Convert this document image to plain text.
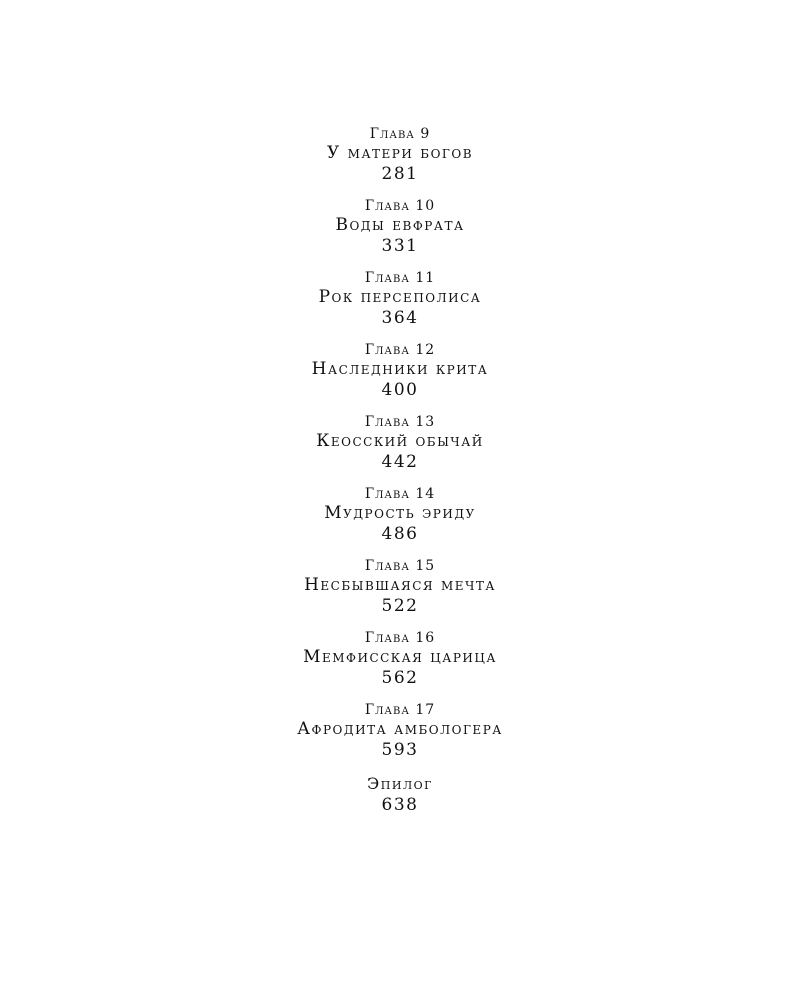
Глава 9
У матери богов
281
Глава 10
Воды евфрата
331
Глава 11
Рок персеполиса
364
Глава 12
Наследники крита
400
Глава 13
Кеосский обычай
442
Глава 14
Мудрость эриду
486
Глава 15
Несбывшаяся мечта
522
Глава 16
Мемфисская царица
562
Глава 17
Афродита амбологера
593
Эпилог
638
